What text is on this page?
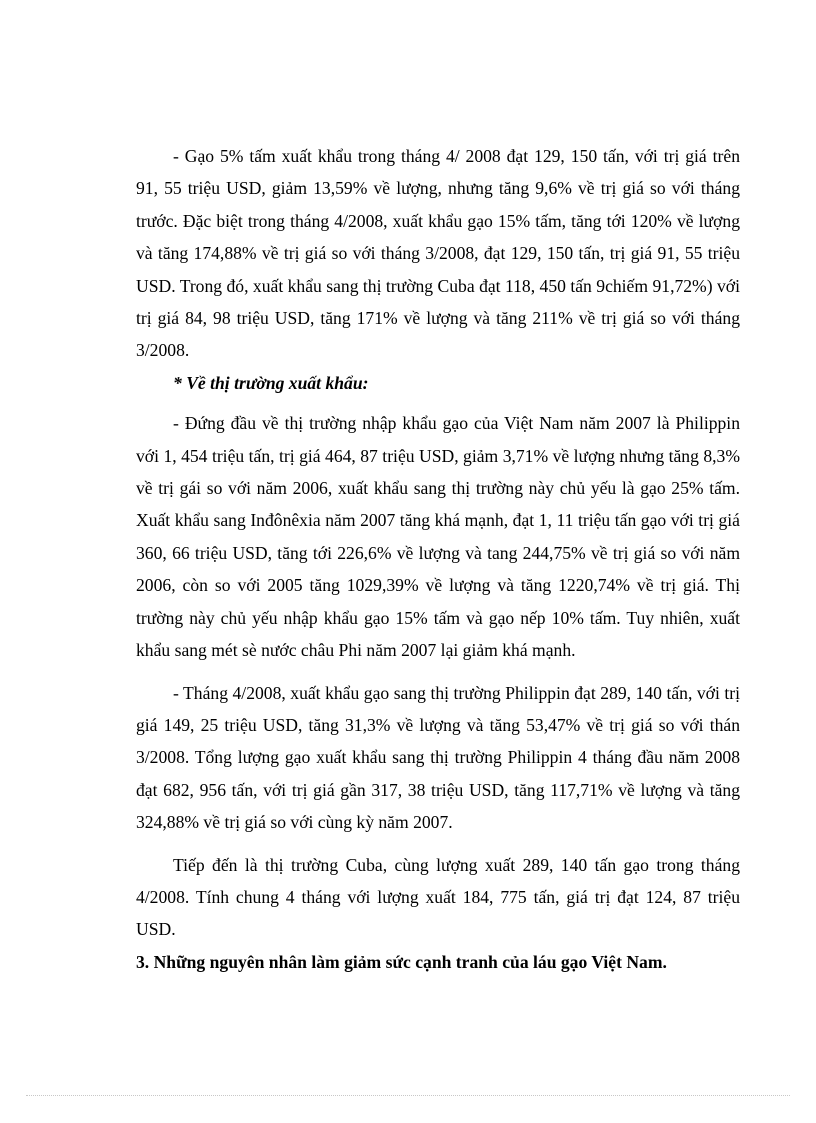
- Gạo 5% tấm xuất khẩu trong tháng 4/ 2008 đạt 129, 150 tấn, với trị giá trên 91, 55 triệu USD, giảm 13,59% về lượng, nhưng tăng 9,6% về trị giá so với tháng trước. Đặc biệt trong tháng 4/2008, xuất khẩu gạo 15% tấm, tăng tới 120% về lượng và tăng 174,88% về trị giá so với tháng 3/2008, đạt 129, 150 tấn, trị giá 91, 55 triệu USD. Trong đó, xuất khẩu sang thị trường Cuba đạt 118, 450 tấn 9chiếm 91,72%) với trị giá 84, 98 triệu USD, tăng 171% về lượng và tăng 211% về trị giá so với tháng 3/2008.

* Về thị trường xuất khẩu:

- Đứng đầu về thị trường nhập khẩu gạo của Việt Nam năm 2007 là Philippin với 1, 454 triệu tấn, trị giá 464, 87 triệu USD, giảm 3,71% về lượng nhưng tăng 8,3% về trị gái so với năm 2006, xuất khẩu sang thị trường này chủ yếu là gạo 25% tấm. Xuất khẩu sang Inđônêxia năm 2007 tăng khá mạnh, đạt 1, 11 triệu tấn gạo với trị giá 360, 66 triệu USD, tăng tới 226,6% về lượng và tang 244,75% về trị giá so với năm 2006, còn so với 2005 tăng 1029,39% về lượng và tăng 1220,74% về trị giá. Thị trường này chủ yếu nhập khẩu gạo 15% tấm và gạo nếp 10% tấm. Tuy nhiên, xuất khẩu sang mét sè nước châu Phi năm 2007 lại giảm khá mạnh.

- Tháng 4/2008, xuất khẩu gạo sang thị trường Philippin đạt 289, 140 tấn, với trị giá 149, 25 triệu USD, tăng 31,3% về lượng và tăng 53,47% về trị giá so với thán 3/2008. Tổng lượng gạo xuất khẩu sang thị trường Philippin 4 tháng đầu năm 2008 đạt 682, 956 tấn, với trị giá gần 317, 38 triệu USD, tăng 117,71% về lượng và tăng 324,88% về trị giá so với cùng kỳ năm 2007.

Tiếp đến là thị trường Cuba, cùng lượng xuất 289, 140 tấn gạo trong tháng 4/2008. Tính chung 4 tháng với lượng xuất 184, 775 tấn, giá trị đạt 124, 87 triệu USD.

3. Những nguyên nhân làm giảm sức cạnh tranh của láu gạo Việt Nam.
